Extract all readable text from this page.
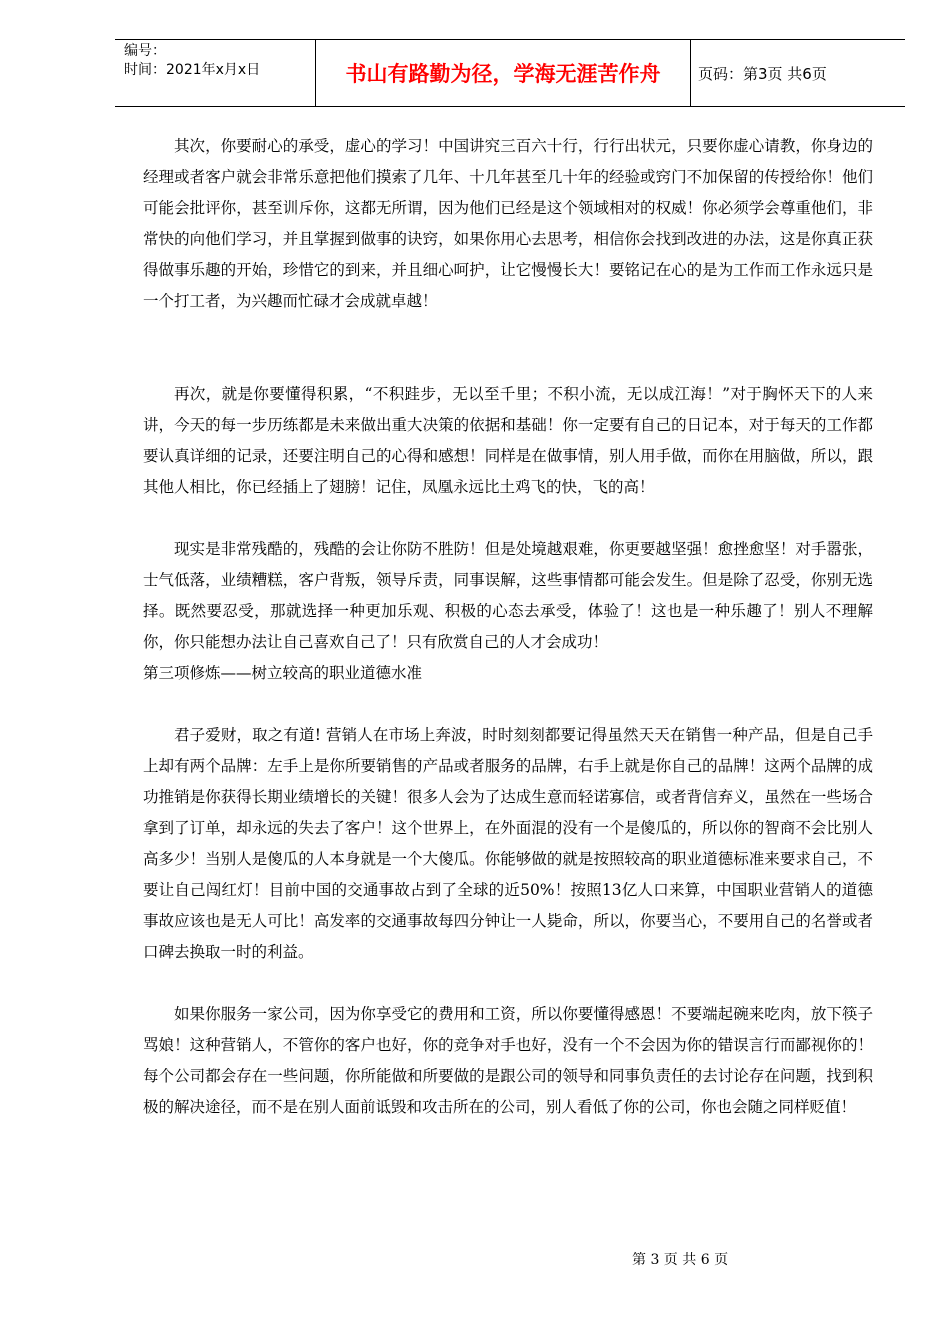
编号：
时间：2021年x月x日	书山有路勤为径，学海无涯苦作舟	页码：第3页 共6页

其次，你要耐心的承受，虚心的学习！中国讲究三百六十行，行行出状元，只要你虚心请教，你身边的经理或者客户就会非常乐意把他们摸索了几年、十几年甚至几十年的经验或窍门不加保留的传授给你！他们可能会批评你，甚至训斥你，这都无所谓，因为他们已经是这个领域相对的权威！你必须学会尊重他们，非常快的向他们学习，并且掌握到做事的诀窍，如果你用心去思考，相信你会找到改进的办法，这是你真正获得做事乐趣的开始，珍惜它的到来，并且细心呵护，让它慢慢长大！要铭记在心的是为工作而工作永远只是一个打工者，为兴趣而忙碌才会成就卓越！

再次，就是你要懂得积累，“不积跬步，无以至千里；不积小流，无以成江海！”对于胸怀天下的人来讲，今天的每一步历练都是未来做出重大决策的依据和基础！你一定要有自己的日记本，对于每天的工作都要认真详细的记录，还要注明自己的心得和感想！同样是在做事情，别人用手做，而你在用脑做，所以，跟其他人相比，你已经插上了翅膀！记住，凤凰永远比土鸡飞的快，飞的高！

现实是非常残酷的，残酷的会让你防不胜防！但是处境越艰难，你更要越坚强！愈挫愈坚！对手嚣张，士气低落，业绩糟糕，客户背叛，领导斥责，同事误解，这些事情都可能会发生。但是除了忍受，你别无选择。既然要忍受，那就选择一种更加乐观、积极的心态去承受，体验了！这也是一种乐趣了！别人不理解你，你只能想办法让自己喜欢自己了！只有欣赏自己的人才会成功！

第三项修炼——树立较高的职业道德水准

君子爱财，取之有道! 营销人在市场上奔波，时时刻刻都要记得虽然天天在销售一种产品，但是自己手上却有两个品牌：左手上是你所要销售的产品或者服务的品牌，右手上就是你自己的品牌！这两个品牌的成功推销是你获得长期业绩增长的关键！很多人会为了达成生意而轻诺寡信，或者背信弃义，虽然在一些场合拿到了订单，却永远的失去了客户！这个世界上，在外面混的没有一个是傻瓜的，所以你的智商不会比别人高多少！当别人是傻瓜的人本身就是一个大傻瓜。你能够做的就是按照较高的职业道德标准来要求自己，不要让自己闯红灯！目前中国的交通事故占到了全球的近50%！按照13亿人口来算，中国职业营销人的道德事故应该也是无人可比！高发率的交通事故每四分钟让一人毙命，所以，你要当心，不要用自己的名誉或者口碑去换取一时的利益。

如果你服务一家公司，因为你享受它的费用和工资，所以你要懂得感恩！不要端起碗来吃肉，放下筷子骂娘！这种营销人，不管你的客户也好，你的竞争对手也好，没有一个不会因为你的错误言行而鄙视你的！每个公司都会存在一些问题，你所能做和所要做的是跟公司的领导和同事负责任的去讨论存在问题，找到积极的解决途径，而不是在别人面前诋毁和攻击所在的公司，别人看低了你的公司，你也会随之同样贬值！

第 3 页 共 6 页
